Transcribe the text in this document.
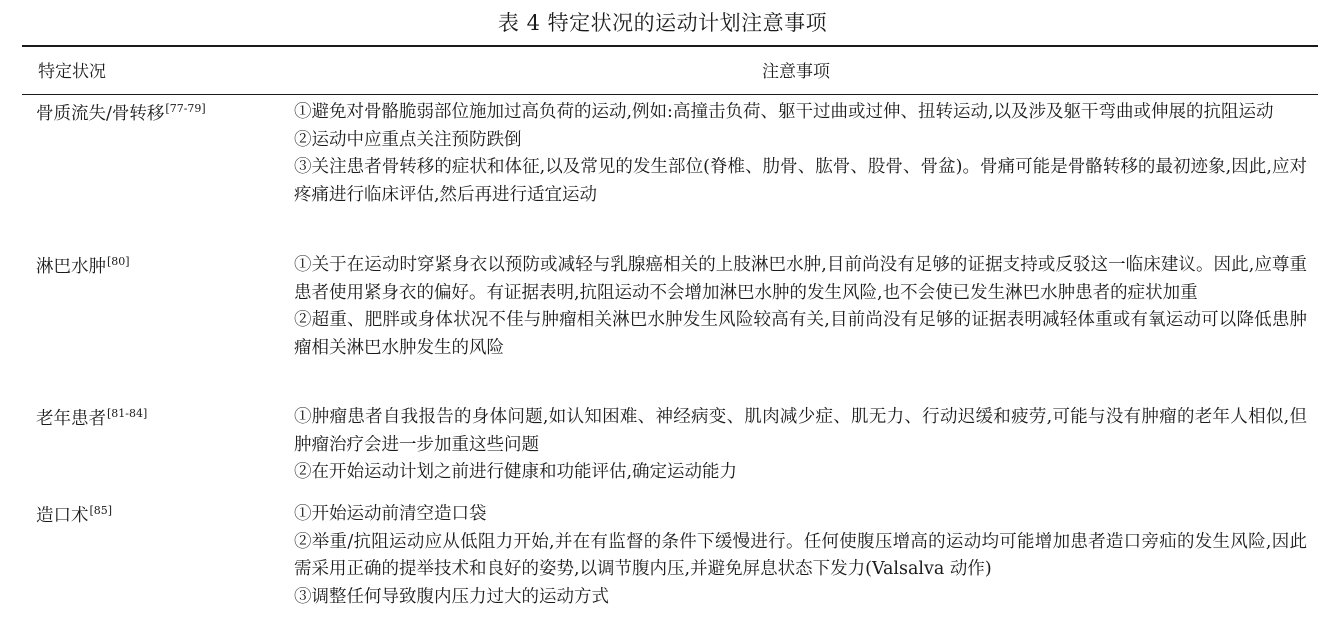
表 4 特定状况的运动计划注意事项
特定状况	注意事项
骨质流失/骨转移[77-79]	①避免对骨骼脆弱部位施加过高负荷的运动,例如:高撞击负荷、躯干过曲或过伸、扭转运动,以及涉及躯干弯曲或伸展的抗阻运动

②运动中应重点关注预防跌倒

③关注患者骨转移的症状和体征,以及常见的发生部位(脊椎、肋骨、肱骨、股骨、骨盆)。骨痛可能是骨骼转移的最初迹象,因此,应对疼痛进行临床评估,然后再进行适宜运动

淋巴水肿[80]	①关于在运动时穿紧身衣以预防或减轻与乳腺癌相关的上肢淋巴水肿,目前尚没有足够的证据支持或反驳这一临床建议。因此,应尊重患者使用紧身衣的偏好。有证据表明,抗阻运动不会增加淋巴水肿的发生风险,也不会使已发生淋巴水肿患者的症状加重

②超重、肥胖或身体状况不佳与肿瘤相关淋巴水肿发生风险较高有关,目前尚没有足够的证据表明减轻体重或有氧运动可以降低患肿瘤相关淋巴水肿发生的风险

老年患者[81-84]	①肿瘤患者自我报告的身体问题,如认知困难、神经病变、肌肉减少症、肌无力、行动迟缓和疲劳,可能与没有肿瘤的老年人相似,但肿瘤治疗会进一步加重这些问题

②在开始运动计划之前进行健康和功能评估,确定运动能力

造口术[85]	①开始运动前清空造口袋

②举重/抗阻运动应从低阻力开始,并在有监督的条件下缓慢进行。任何使腹压增高的运动均可能增加患者造口旁疝的发生风险,因此需采用正确的提举技术和良好的姿势,以调节腹内压,并避免屏息状态下发力(Valsalva 动作)

③调整任何导致腹内压力过大的运动方式
